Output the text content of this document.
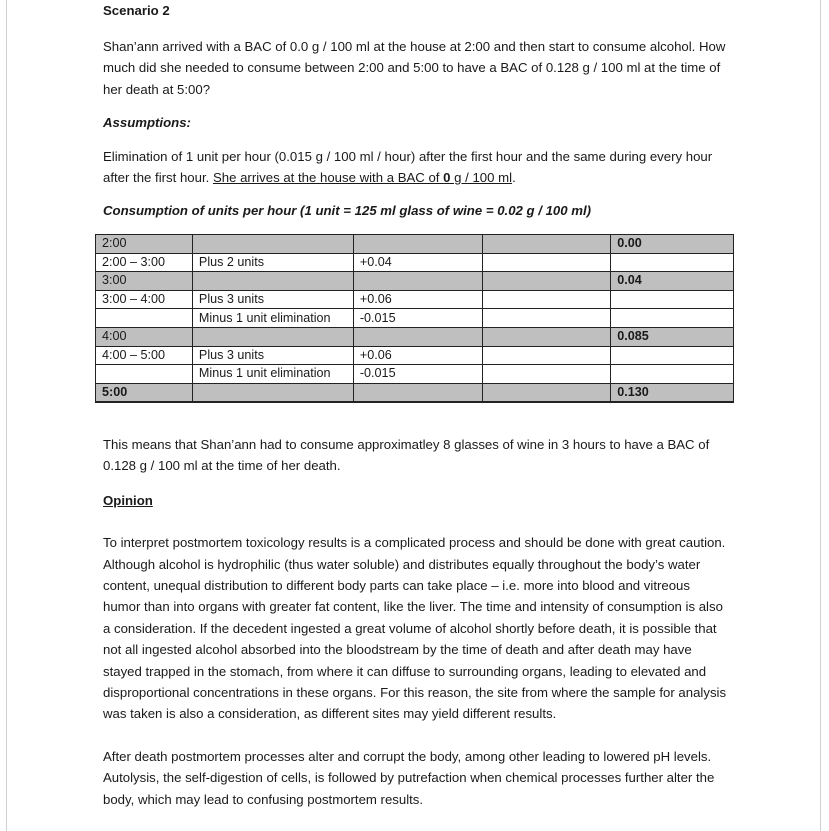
Scenario 2

Shan’ann arrived with a BAC of 0.0 g / 100 ml at the house at 2:00 and then start to consume alcohol. How much did she needed to consume between 2:00 and 5:00 to have a BAC of 0.128 g / 100 ml at the time of her death at 5:00?

Assumptions:

Elimination of 1 unit per hour (0.015 g / 100 ml / hour) after the first hour and the same during every hour after the first hour. She arrives at the house with a BAC of 0 g / 100 ml.

Consumption of units per hour (1 unit = 125 ml glass of wine = 0.02 g / 100 ml)

2:00				0.00
2:00 – 3:00	Plus 2 units	+0.04		
3:00				0.04
3:00 – 4:00	Plus 3 units	+0.06		
	Minus 1 unit elimination	-0.015		
4:00				0.085
4:00 – 5:00	Plus 3 units	+0.06		
	Minus 1 unit elimination	-0.015		
5:00				0.130

This means that Shan’ann had to consume approximatley 8 glasses of wine in 3 hours to have a BAC of 0.128 g / 100 ml at the time of her death.

Opinion

To interpret postmortem toxicology results is a complicated process and should be done with great caution. Although alcohol is hydrophilic (thus water soluble) and distributes equally throughout the body’s water content, unequal distribution to different body parts can take place – i.e. more into blood and vitreous humor than into organs with greater fat content, like the liver. The time and intensity of consumption is also a consideration. If the decedent ingested a great volume of alcohol shortly before death, it is possible that not all ingested alcohol absorbed into the bloodstream by the time of death and after death may have stayed trapped in the stomach, from where it can diffuse to surrounding organs, leading to elevated and disproportional concentrations in these organs. For this reason, the site from where the sample for analysis was taken is also a consideration, as different sites may yield different results.

After death postmortem processes alter and corrupt the body, among other leading to lowered pH levels. Autolysis, the self-digestion of cells, is followed by putrefaction when chemical processes further alter the body, which may lead to confusing postmortem results.
